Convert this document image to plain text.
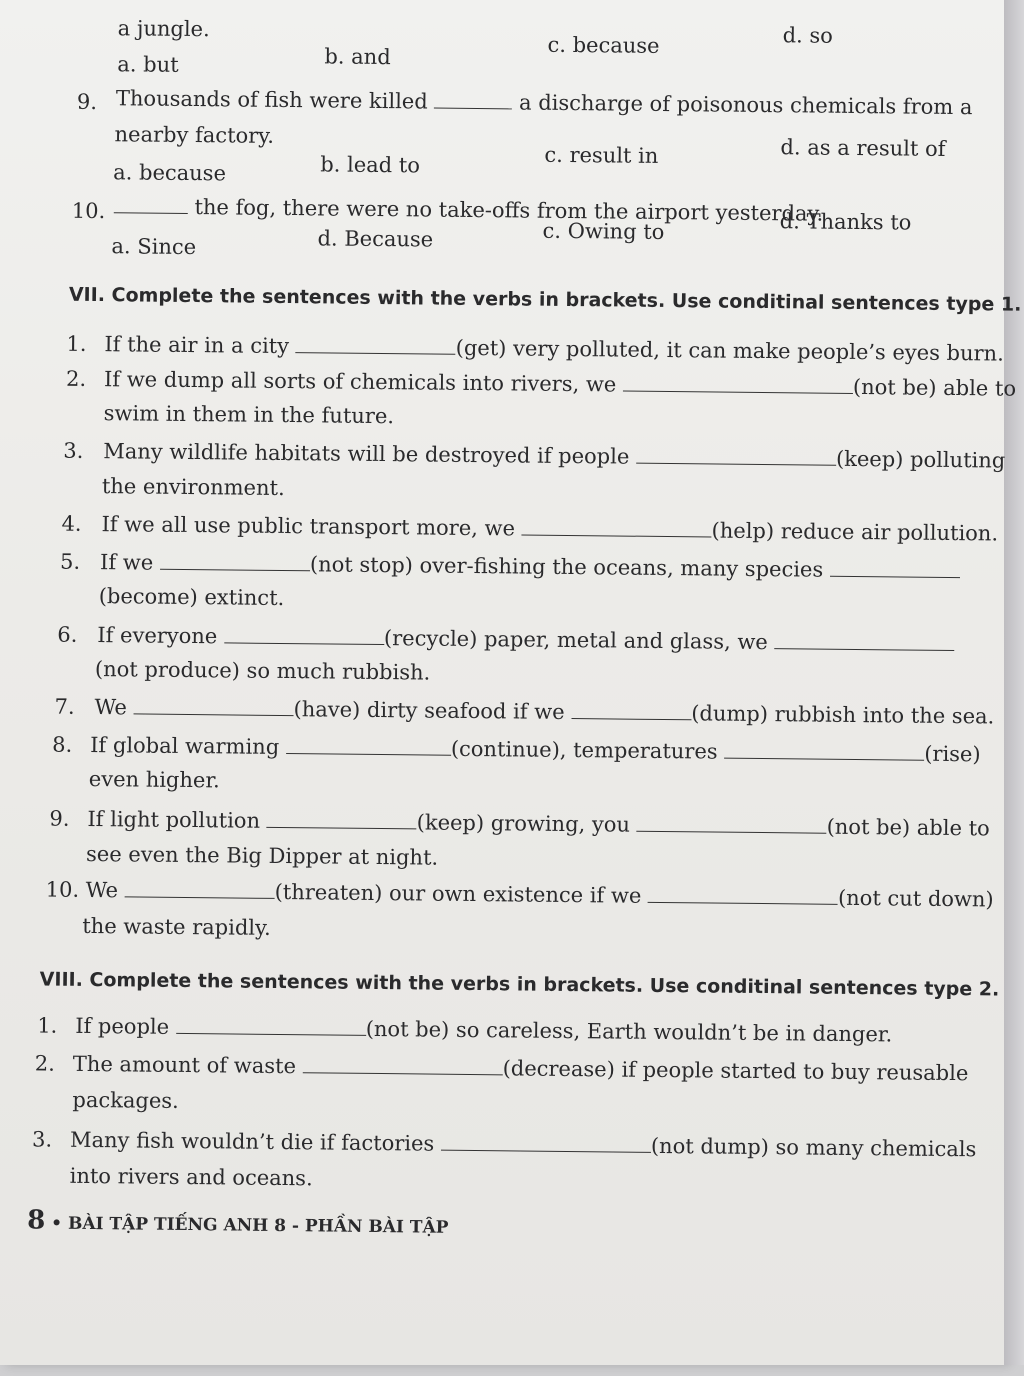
a jungle.
a. but	b. and	c. because	d. so
9. Thousands of fish were killed	a discharge of poisonous chemicals from a
nearby factory.
a. because	b. lead to	c. result in	d. as a result of
10.	the fog, there were no take-offs from the airport yesterday.
a. Since	d. Because	c. Owing to	d. Thanks to
VII. Complete the sentences with the verbs in brackets. Use conditinal sentences type 1.
1. If the air in a city	(get) very polluted, it can make people’s eyes burn.
2. If we dump all sorts of chemicals into rivers, we	(not be) able to
swim in them in the future.
3. Many wildlife habitats will be destroyed if people	(keep) polluting
the environment.
4. If we all use public transport more, we	(help) reduce air pollution.
5. If we	(not stop) over-fishing the oceans, many species
(become) extinct.
6. If everyone	(recycle) paper, metal and glass, we
(not produce) so much rubbish.
7. We	(have) dirty seafood if we	(dump) rubbish into the sea.
8. If global warming	(continue), temperatures	(rise)
even higher.
9. If light pollution	(keep) growing, you	(not be) able to
see even the Big Dipper at night.
10. We	(threaten) our own existence if we	(not cut down)
the waste rapidly.
VIII. Complete the sentences with the verbs in brackets. Use conditinal sentences type 2.
1. If people	(not be) so careless, Earth wouldn’t be in danger.
2. The amount of waste	(decrease) if people started to buy reusable
packages.
3. Many fish wouldn’t die if factories	(not dump) so many chemicals
into rivers and oceans.
8 • BÀI TẬP TIẾNG ANH 8 - PHẦN BÀI TẬP
